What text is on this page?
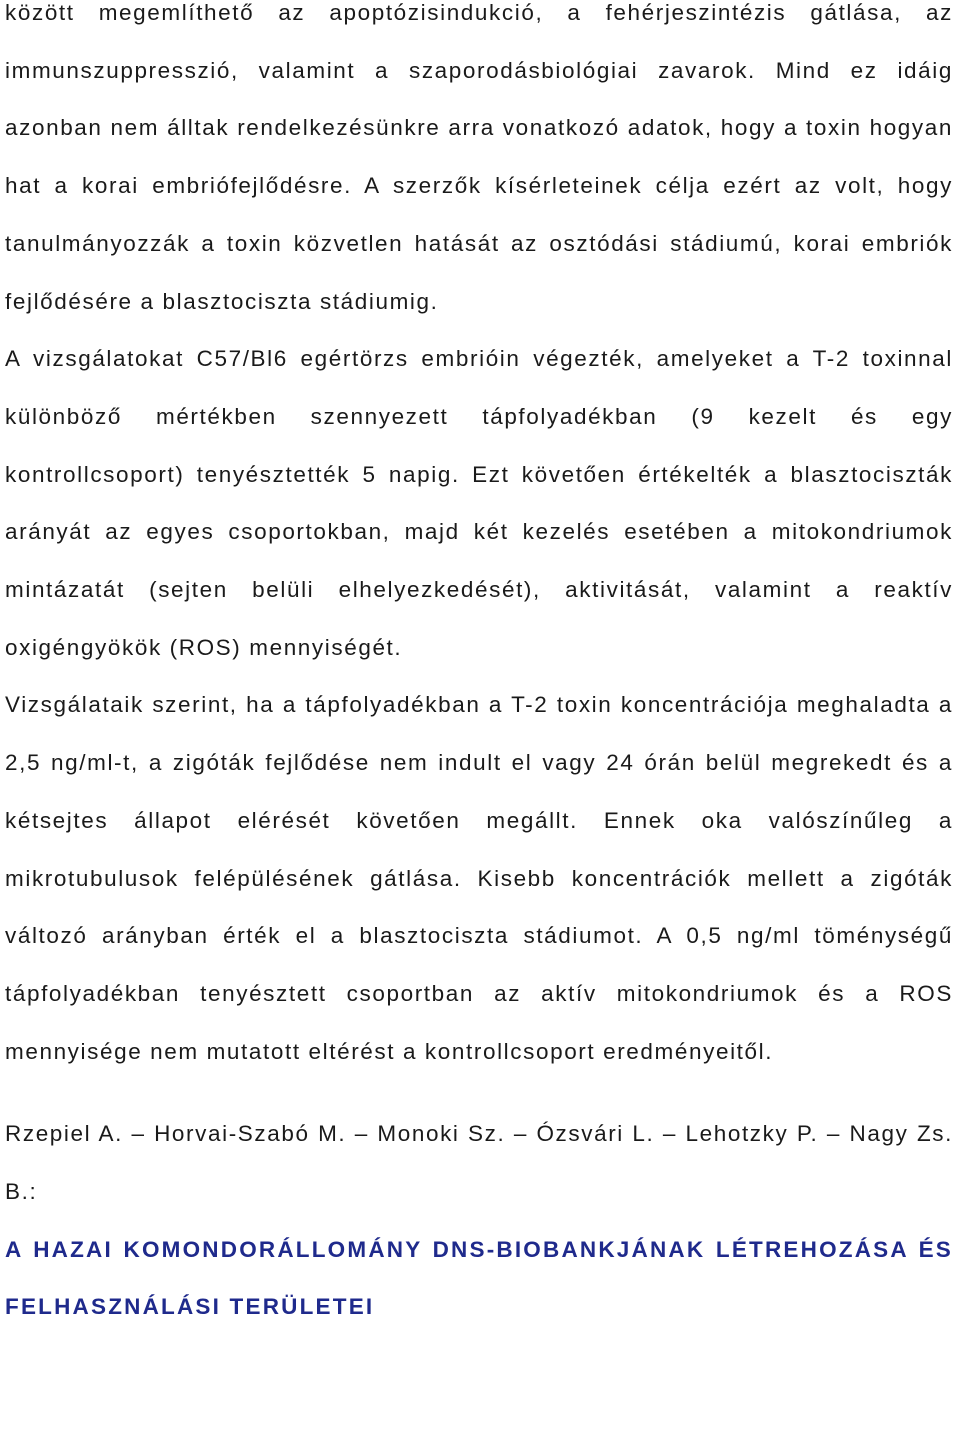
között megemlíthető az apoptózisindukció, a fehérjeszintézis gátlása, az immunszuppresszió, valamint a szaporodásbiológiai zavarok. Mind ez idáig azonban nem álltak rendelkezésünkre arra vonatkozó adatok, hogy a toxin hogyan hat a korai embriófejlődésre. A szerzők kísérleteinek célja ezért az volt, hogy tanulmányozzák a toxin közvetlen hatását az osztódási stádiumú, korai embriók fejlődésére a blasztociszta stádiumig.

A vizsgálatokat C57/Bl6 egértörzs embrióin végezték, amelyeket a T-2 toxinnal különböző mértékben szennyezett tápfolyadékban (9 kezelt és egy kontrollcsoport) tenyésztették 5 napig. Ezt követően értékelték a blasztociszták arányát az egyes csoportokban, majd két kezelés esetében a mitokondriumok mintázatát (sejten belüli elhelyezkedését), aktivitását, valamint a reaktív oxigéngyökök (ROS) mennyiségét.

Vizsgálataik szerint, ha a tápfolyadékban a T-2 toxin koncentrációja meghaladta a 2,5 ng/ml-t, a zigóták fejlődése nem indult el vagy 24 órán belül megrekedt és a kétsejtes állapot elérését követően megállt. Ennek oka valószínűleg a mikrotubulusok felépülésének gátlása. Kisebb koncentrációk mellett a zigóták változó arányban érték el a blasztociszta stádiumot. A 0,5 ng/ml töménységű tápfolyadékban tenyésztett csoportban az aktív mitokondriumok és a ROS mennyisége nem mutatott eltérést a kontrollcsoport eredményeitől.

Rzepiel A. – Horvai-Szabó M. – Monoki Sz. – Ózsvári L. – Lehotzky P. – Nagy Zs. B.:

A HAZAI KOMONDORÁLLOMÁNY DNS-BIOBANKJÁNAK LÉTREHOZÁSA ÉS FELHASZNÁLÁSI TERÜLETEI
